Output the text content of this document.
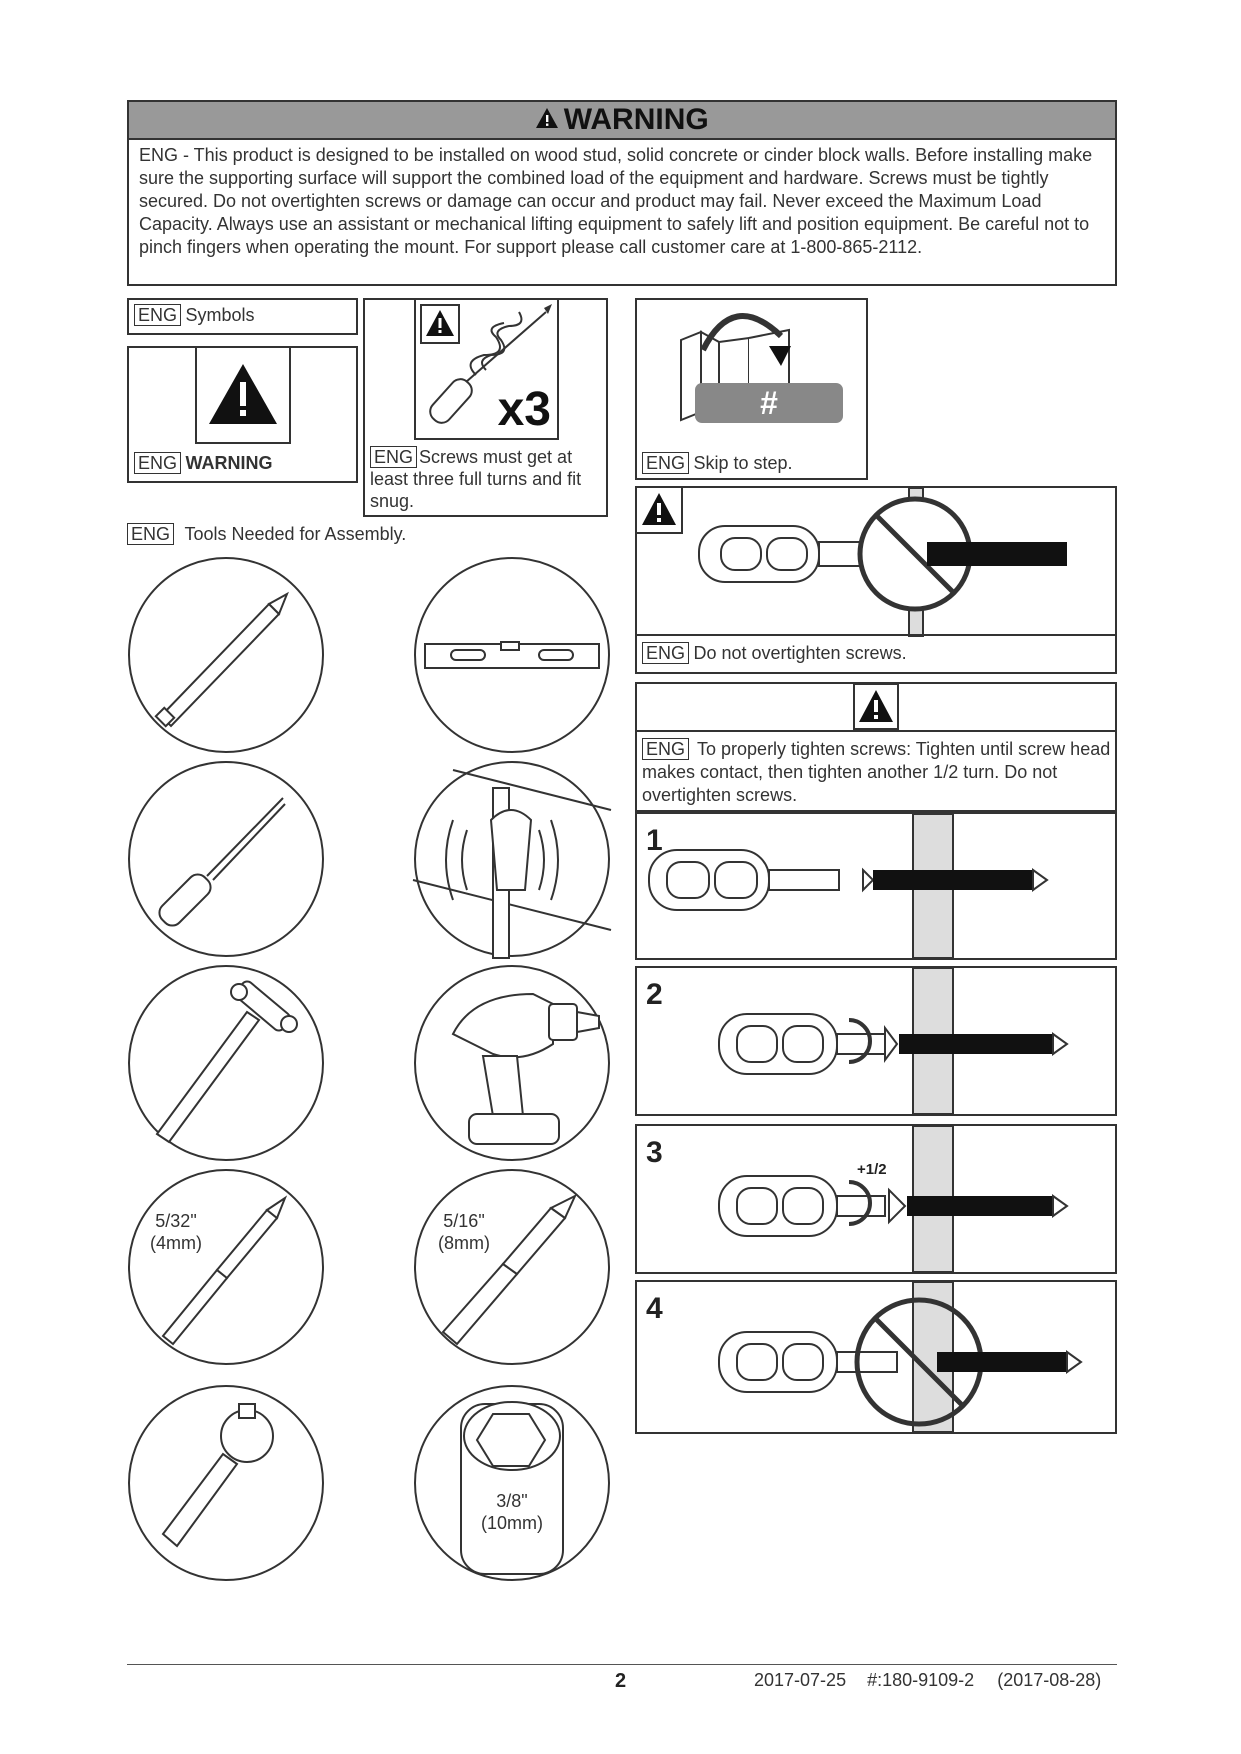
WARNING
ENG - This product is designed to be installed on wood stud, solid concrete or cinder block walls. Before installing make sure the supporting surface will support the combined load of the equipment and hardware. Screws must be tightly secured. Do not overtighten screws or damage can occur and product may fail. Never exceed the Maximum Load Capacity. Always use an assistant or mechanical lifting equipment to safely lift and position equipment. Be careful not to pinch fingers when operating the mount. For support please call customer care at 1-800-865-2112.
ENG Symbols
ENG WARNING
x3
ENG Screws must get at least three full turns and fit snug.
#
ENG Skip to step.
ENG Do not overtighten screws.
ENG To properly tighten screws: Tighten until screw head makes contact, then tighten another 1/2 turn. Do not overtighten screws.
1
2
3
+1/2
4
ENG Tools Needed for Assembly.
5/32"
(4mm)
5/16"
(8mm)
3/8"
(10mm)
2	2017-07-25 #:180-9109-2 (2017-08-28)
